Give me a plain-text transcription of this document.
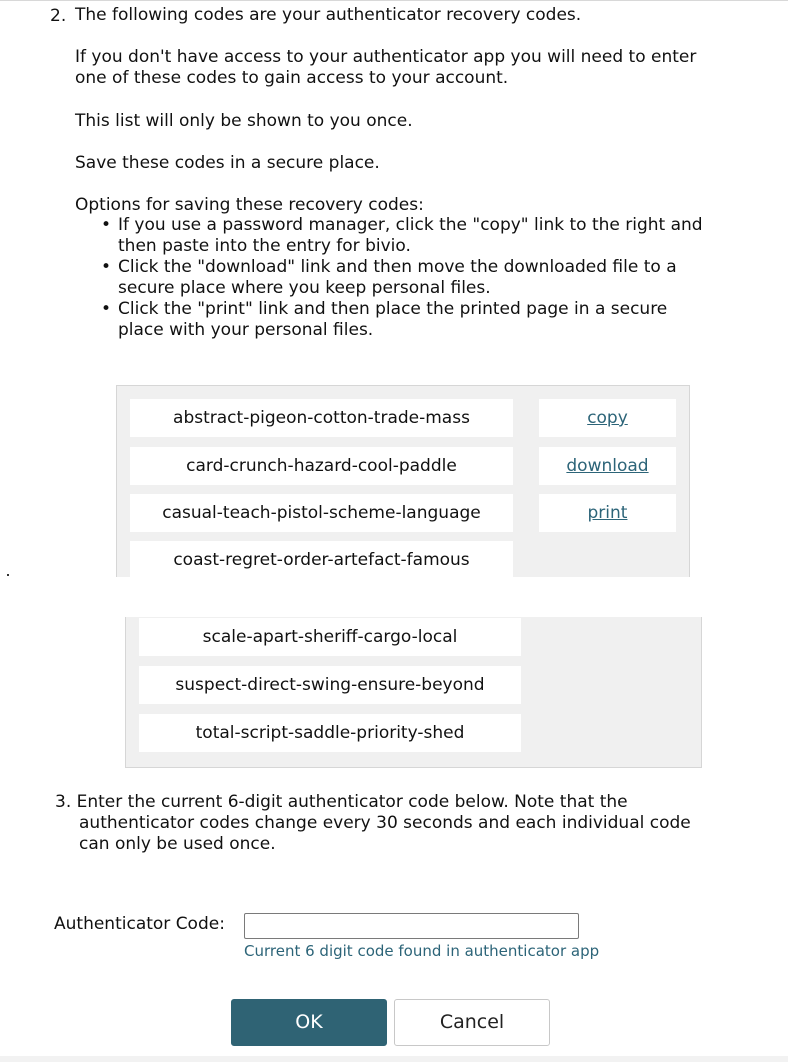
2. The following codes are your authenticator recovery codes.
If you don't have access to your authenticator app you will need to enter
one of these codes to gain access to your account.
This list will only be shown to you once.
Save these codes in a secure place.
Options for saving these recovery codes:
• If you use a password manager, click the "copy" link to the right and
then paste into the entry for bivio.
• Click the "download" link and then move the downloaded file to a
secure place where you keep personal files.
• Click the "print" link and then place the printed page in a secure
place with your personal files.
abstract-pigeon-cotton-trade-mass
card-crunch-hazard-cool-paddle
casual-teach-pistol-scheme-language
coast-regret-order-artefact-famous
copy
download
print
scale-apart-sheriff-cargo-local
suspect-direct-swing-ensure-beyond
total-script-saddle-priority-shed
3. Enter the current 6-digit authenticator code below. Note that the
authenticator codes change every 30 seconds and each individual code
can only be used once.
Authenticator Code:
Current 6 digit code found in authenticator app
OK	Cancel
